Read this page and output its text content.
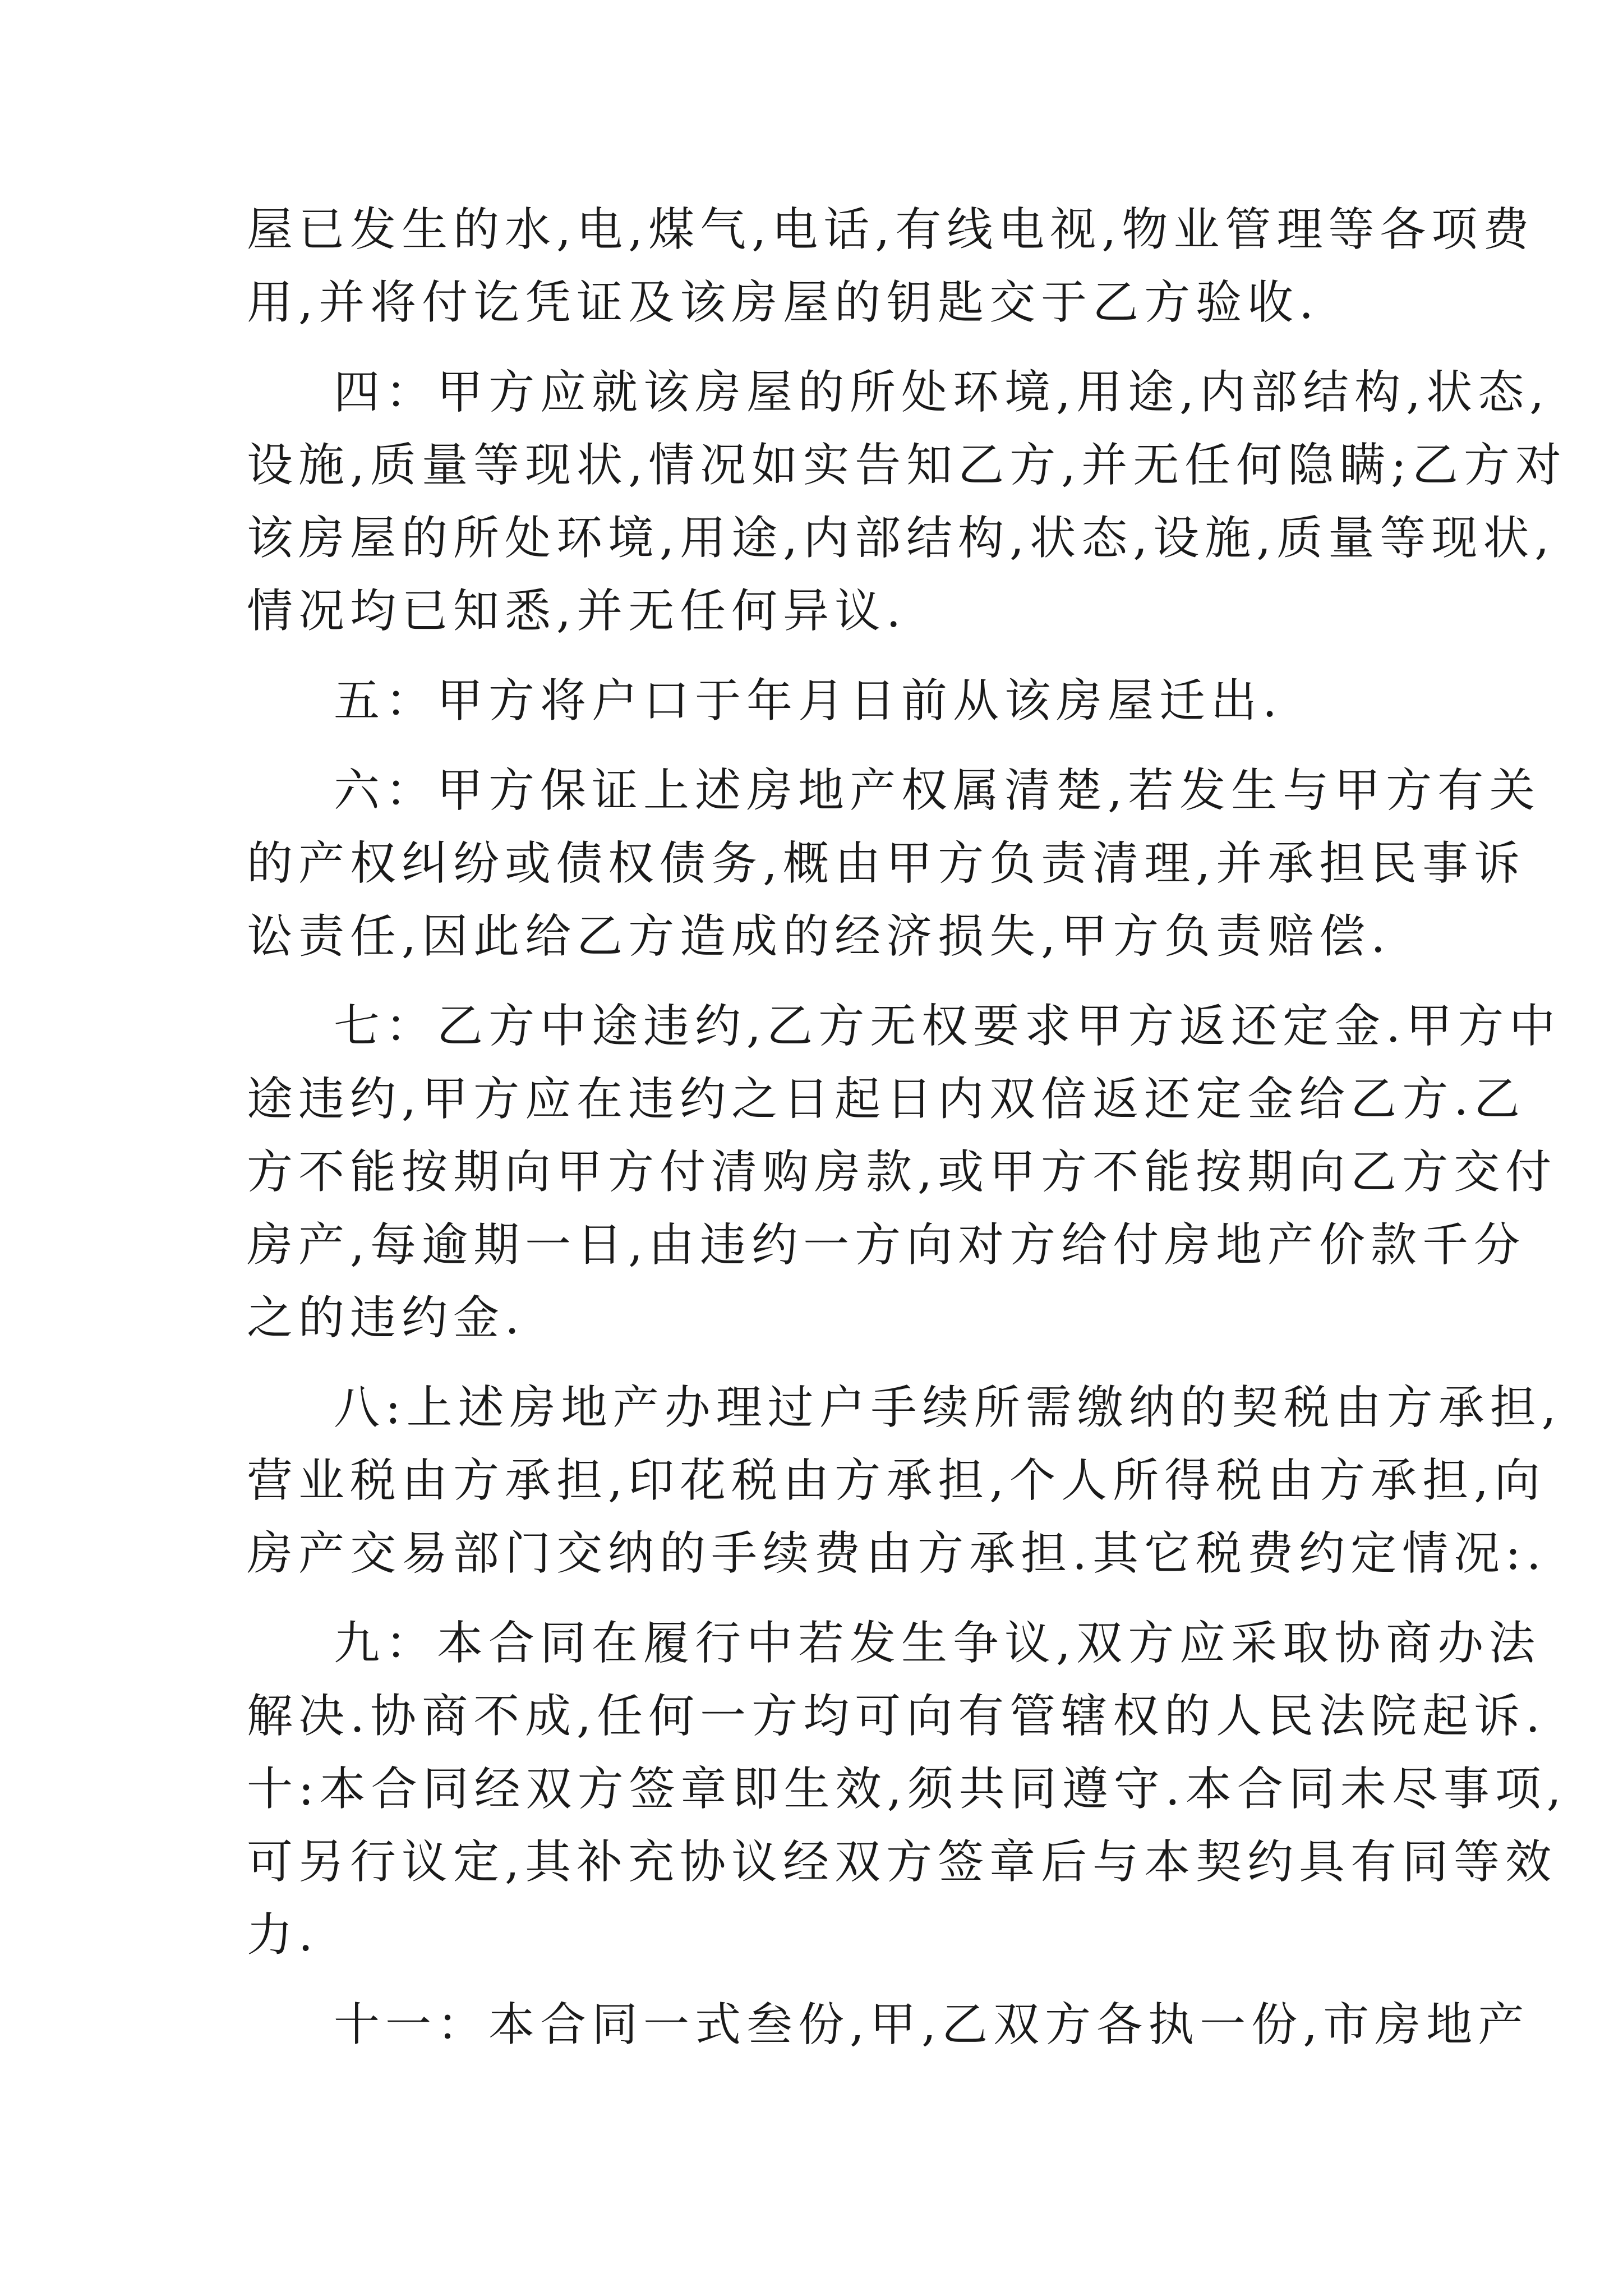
屋已发生的水,电,煤气,电话,有线电视,物业管理等各项费
用,并将付讫凭证及该房屋的钥匙交于乙方验收.
四：甲方应就该房屋的所处环境,用途,内部结构,状态,
设施,质量等现状,情况如实告知乙方,并无任何隐瞒;乙方对
该房屋的所处环境,用途,内部结构,状态,设施,质量等现状,
情况均已知悉,并无任何异议.
五：甲方将户口于年月日前从该房屋迁出.
六：甲方保证上述房地产权属清楚,若发生与甲方有关
的产权纠纷或债权债务,概由甲方负责清理,并承担民事诉
讼责任,因此给乙方造成的经济损失,甲方负责赔偿.
七：乙方中途违约,乙方无权要求甲方返还定金.甲方中
途违约,甲方应在违约之日起日内双倍返还定金给乙方.乙
方不能按期向甲方付清购房款,或甲方不能按期向乙方交付
房产,每逾期一日,由违约一方向对方给付房地产价款千分
之的违约金.
八:上述房地产办理过户手续所需缴纳的契税由方承担,
营业税由方承担,印花税由方承担,个人所得税由方承担,向
房产交易部门交纳的手续费由方承担.其它税费约定情况:.
九：本合同在履行中若发生争议,双方应采取协商办法
解决.协商不成,任何一方均可向有管辖权的人民法院起诉.
十:本合同经双方签章即生效,须共同遵守.本合同未尽事项,
可另行议定,其补充协议经双方签章后与本契约具有同等效
力.
十一：本合同一式叁份,甲,乙双方各执一份,市房地产
